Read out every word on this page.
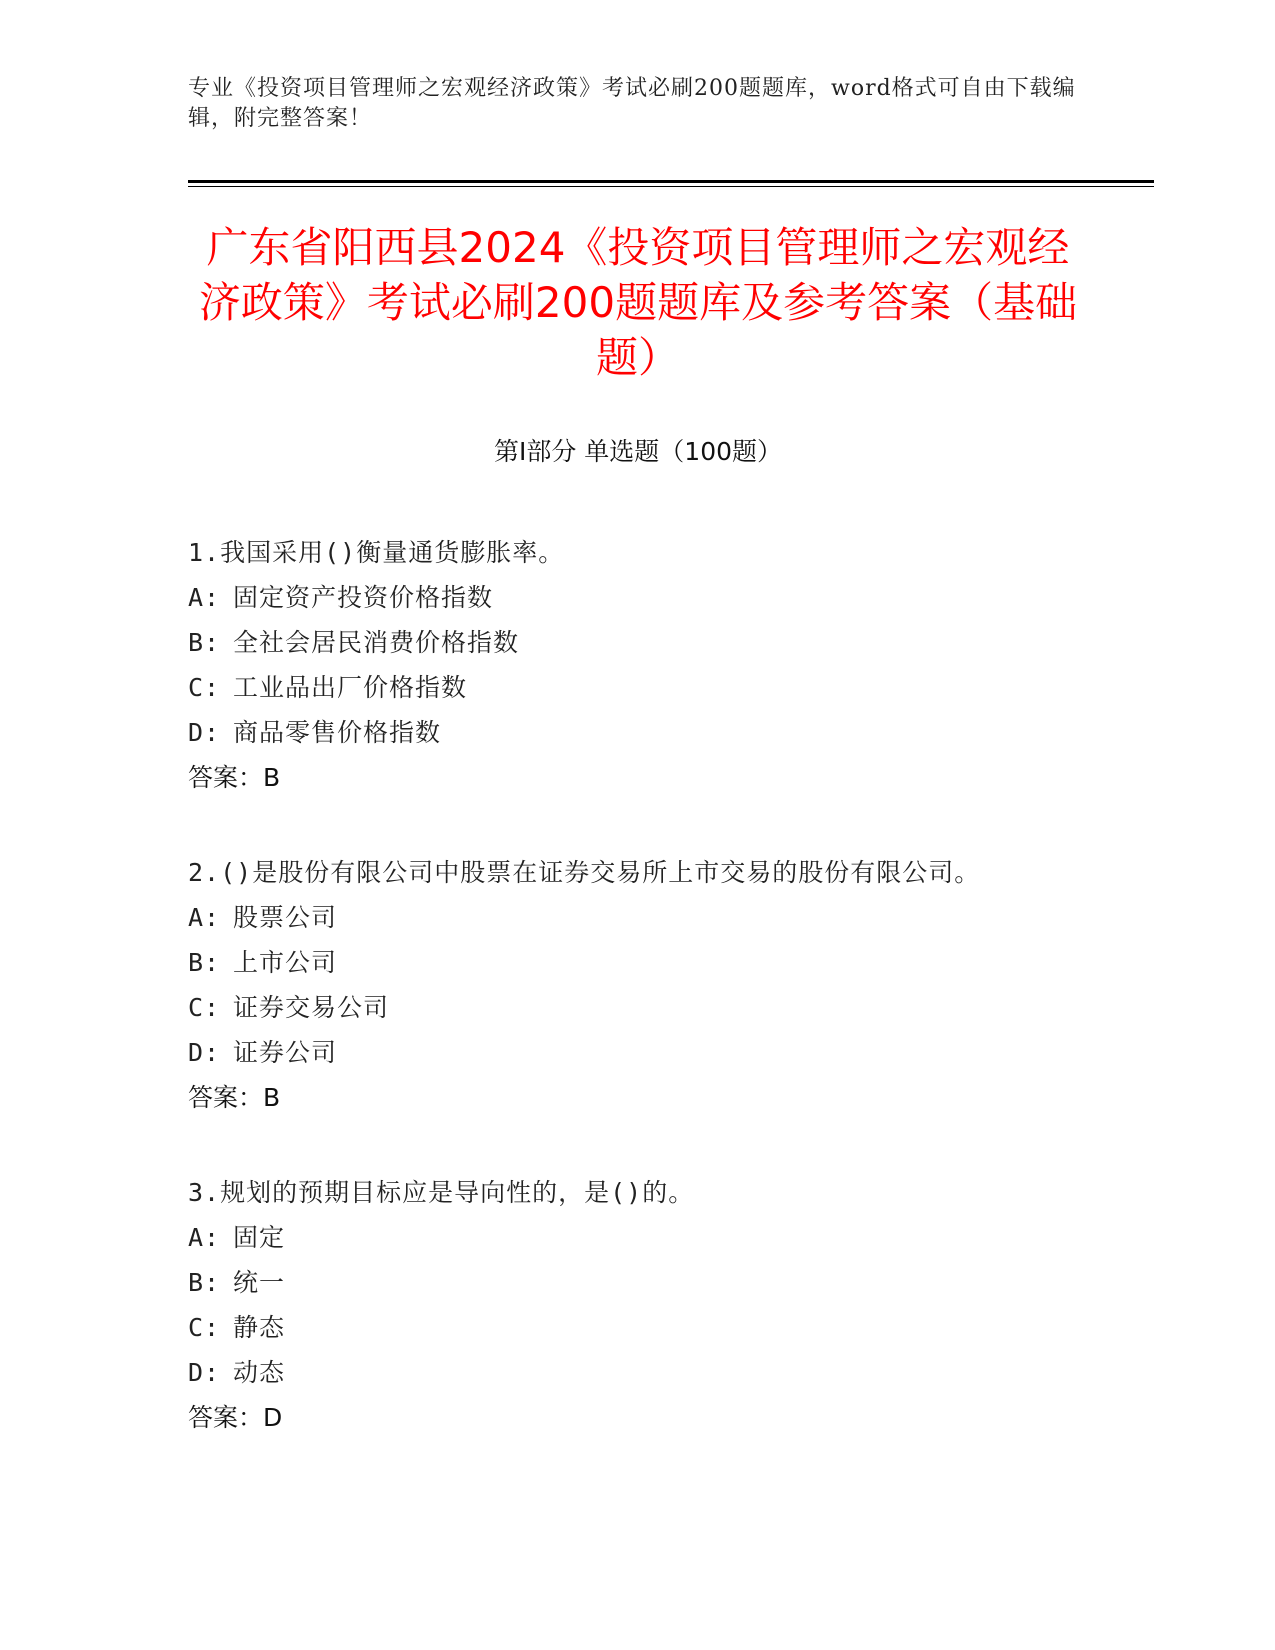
专业《投资项目管理师之宏观经济政策》考试必刷200题题库，word格式可自由下载编辑，附完整答案！
广东省阳西县2024《投资项目管理师之宏观经济政策》考试必刷200题题库及参考答案（基础题）
第Ⅰ部分 单选题（100题）
1.我国采用()衡量通货膨胀率。
A: 固定资产投资价格指数
B: 全社会居民消费价格指数
C: 工业品出厂价格指数
D: 商品零售价格指数
答案：B
2.()是股份有限公司中股票在证券交易所上市交易的股份有限公司。
A: 股票公司
B: 上市公司
C: 证券交易公司
D: 证券公司
答案：B
3.规划的预期目标应是导向性的，是()的。
A: 固定
B: 统一
C: 静态
D: 动态
答案：D
